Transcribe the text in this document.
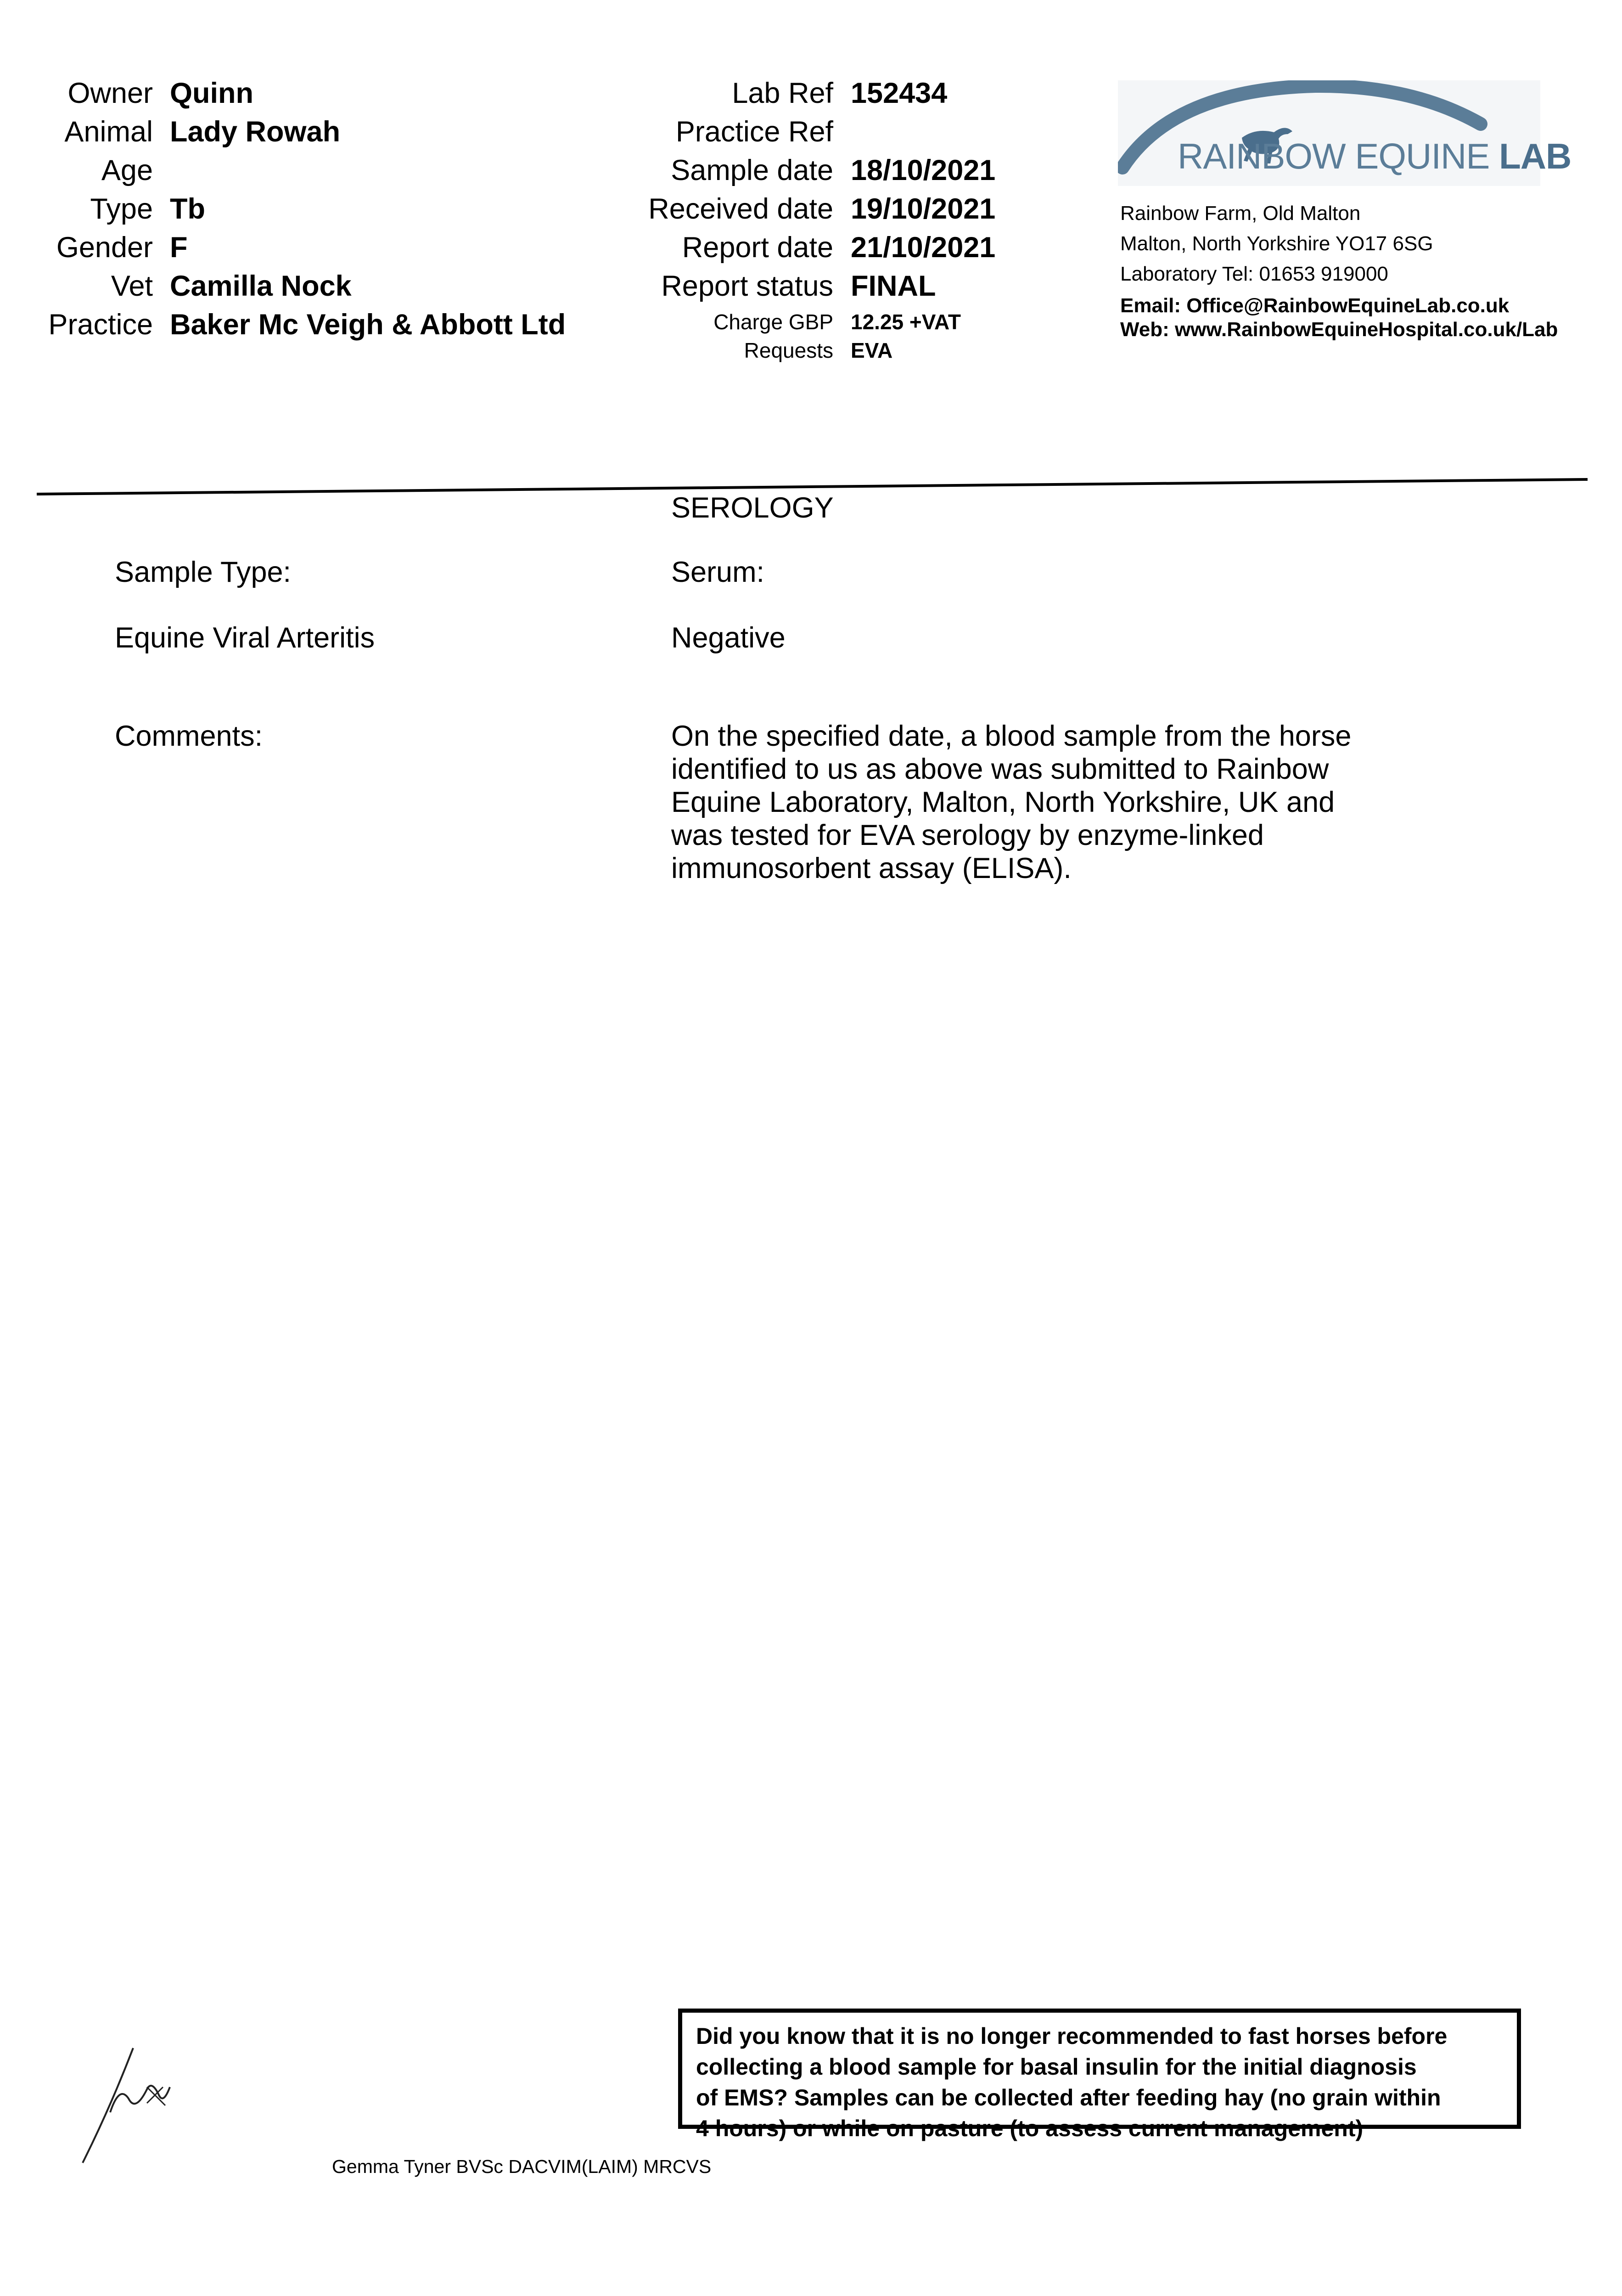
Owner Quinn
Animal Lady Rowah
Age
Type Tb
Gender F
Vet Camilla Nock
Practice Baker Mc Veigh & Abbott Ltd
Lab Ref 152434
Practice Ref
Sample date 18/10/2021
Received date 19/10/2021
Report date 21/10/2021
Report status FINAL
Charge GBP 12.25 +VAT
Requests EVA
RAINBOW EQUINE LAB
Rainbow Farm, Old Malton
Malton, North Yorkshire YO17 6SG
Laboratory Tel: 01653 919000
Email: Office@RainbowEquineLab.co.uk
Web: www.RainbowEquineHospital.co.uk/Lab
SEROLOGY
Sample Type:	Serum:
Equine Viral Arteritis	Negative
Comments:	On the specified date, a blood sample from the horse
identified to us as above was submitted to Rainbow
Equine Laboratory, Malton, North Yorkshire, UK and
was tested for EVA serology by enzyme-linked
immunosorbent assay (ELISA).
Gemma Tyner BVSc DACVIM(LAIM) MRCVS
Did you know that it is no longer recommended to fast horses before
collecting a blood sample for basal insulin for the initial diagnosis
of EMS? Samples can be collected after feeding hay (no grain within
4 hours) or while on pasture (to assess current management)
